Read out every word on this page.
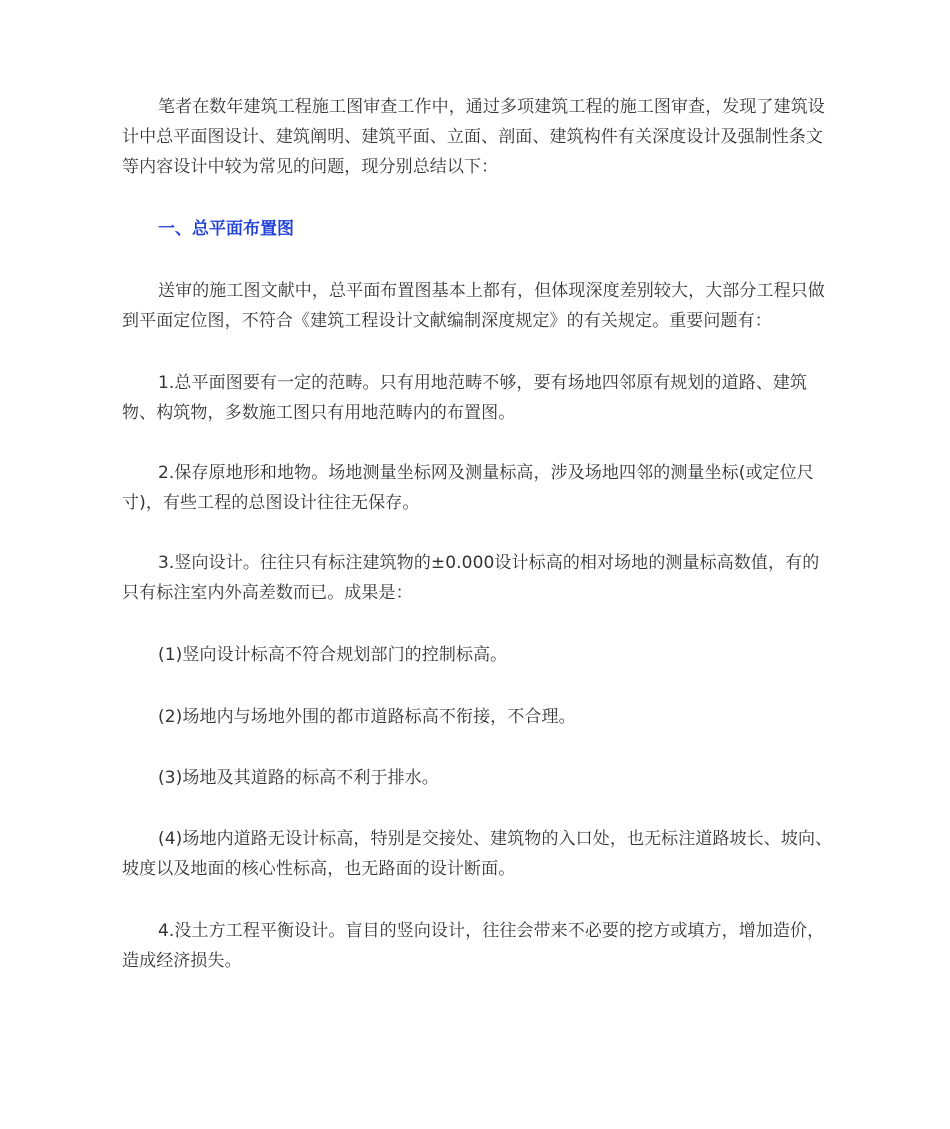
笔者在数年建筑工程施工图审查工作中，通过多项建筑工程的施工图审查，发现了建筑设计中总平面图设计、建筑阐明、建筑平面、立面、剖面、建筑构件有关深度设计及强制性条文等内容设计中较为常见的问题，现分别总结以下：

一、总平面布置图

送审的施工图文献中，总平面布置图基本上都有，但体现深度差别较大，大部分工程只做到平面定位图，不符合《建筑工程设计文献编制深度规定》的有关规定。重要问题有：

1.总平面图要有一定的范畴。只有用地范畴不够，要有场地四邻原有规划的道路、建筑物、构筑物，多数施工图只有用地范畴内的布置图。

2.保存原地形和地物。场地测量坐标网及测量标高，涉及场地四邻的测量坐标(或定位尺寸)，有些工程的总图设计往往无保存。

3.竖向设计。往往只有标注建筑物的±0.000设计标高的相对场地的测量标高数值，有的只有标注室内外高差数而已。成果是：

(1)竖向设计标高不符合规划部门的控制标高。

(2)场地内与场地外围的都市道路标高不衔接，不合理。

(3)场地及其道路的标高不利于排水。

(4)场地内道路无设计标高，特别是交接处、建筑物的入口处，也无标注道路坡长、坡向、坡度以及地面的核心性标高，也无路面的设计断面。

4.没土方工程平衡设计。盲目的竖向设计，往往会带来不必要的挖方或填方，增加造价，造成经济损失。
